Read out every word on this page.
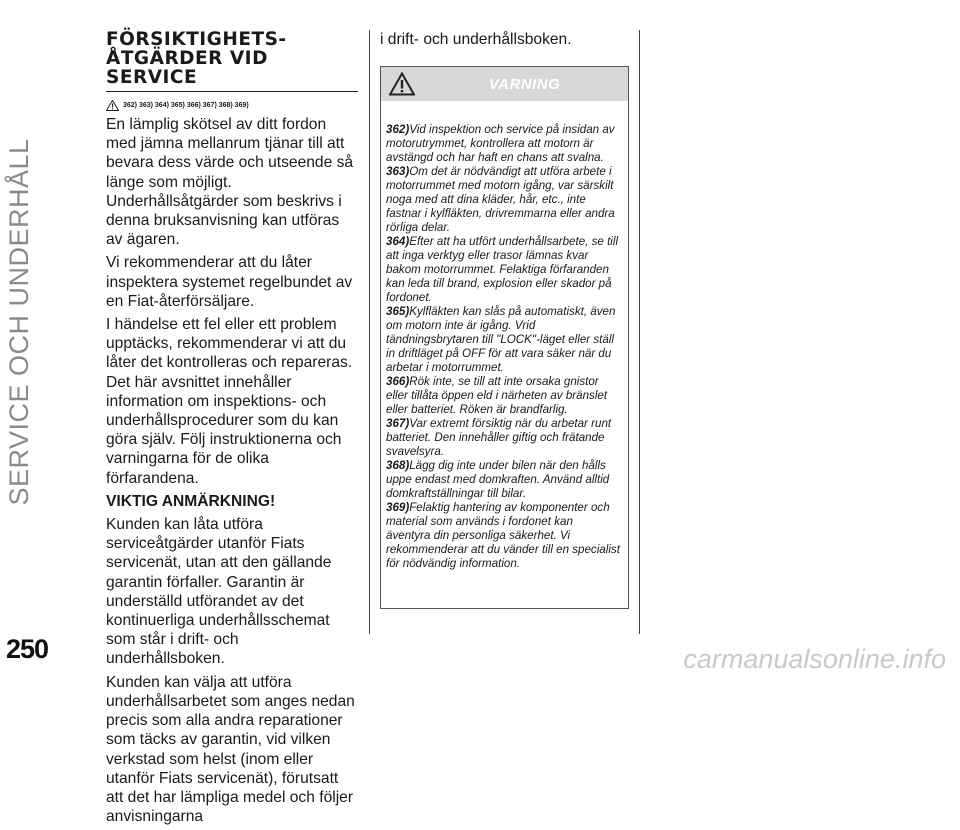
SERVICE OCH UNDERHÅLL
FÖRSIKTIGHETS-
ÅTGÄRDER VID
SERVICE
362) 363) 364) 365) 366) 367) 368) 369)

En lämplig skötsel av ditt fordon med jämna mellanrum tjänar till att bevara dess värde och utseende så länge som möjligt. Underhållsåtgärder som beskrivs i denna bruksanvisning kan utföras av ägaren.

Vi rekommenderar att du låter inspektera systemet regelbundet av en Fiat-återförsäljare.

I händelse ett fel eller ett problem upptäcks, rekommenderar vi att du låter det kontrolleras och repareras. Det här avsnittet innehåller information om inspektions- och underhållsprocedurer som du kan göra själv. Följ instruktionerna och varningarna för de olika förfarandena.

VIKTIG ANMÄRKNING!

Kunden kan låta utföra serviceåtgärder utanför Fiats servicenät, utan att den gällande garantin förfaller. Garantin är underställd utförandet av det kontinuerliga underhållsschemat som står i drift- och underhållsboken.

Kunden kan välja att utföra underhållsarbetet som anges nedan precis som alla andra reparationer som täcks av garantin, vid vilken verkstad som helst (inom eller utanför Fiats servicenät), förutsatt att det har lämpliga medel och följer anvisningarna

i drift- och underhållsboken.

VARNING

362)Vid inspektion och service på insidan av motorutrymmet, kontrollera att motorn är avstängd och har haft en chans att svalna.

363)Om det är nödvändigt att utföra arbete i motorrummet med motorn igång, var särskilt noga med att dina kläder, hår, etc., inte fastnar i kylfläkten, drivremmarna eller andra rörliga delar.

364)Efter att ha utfört underhållsarbete, se till att inga verktyg eller trasor lämnas kvar bakom motorrummet. Felaktiga förfaranden kan leda till brand, explosion eller skador på fordonet.

365)Kylfläkten kan slås på automatiskt, även om motorn inte är igång. Vrid tändningsbrytaren till "LOCK"-läget eller ställ in driftläget på OFF för att vara säker när du arbetar i motorrummet.

366)Rök inte, se till att inte orsaka gnistor eller tillåta öppen eld i närheten av bränslet eller batteriet. Röken är brandfarlig.

367)Var extremt försiktig när du arbetar runt batteriet. Den innehåller giftig och frätande svavelsyra.

368)Lägg dig inte under bilen när den hålls uppe endast med domkraften. Använd alltid domkraftställningar till bilar.

369)Felaktig hantering av komponenter och material som används i fordonet kan äventyra din personliga säkerhet. Vi rekommenderar att du vänder till en specialist för nödvändig information.

250	carmanualsonline.info
